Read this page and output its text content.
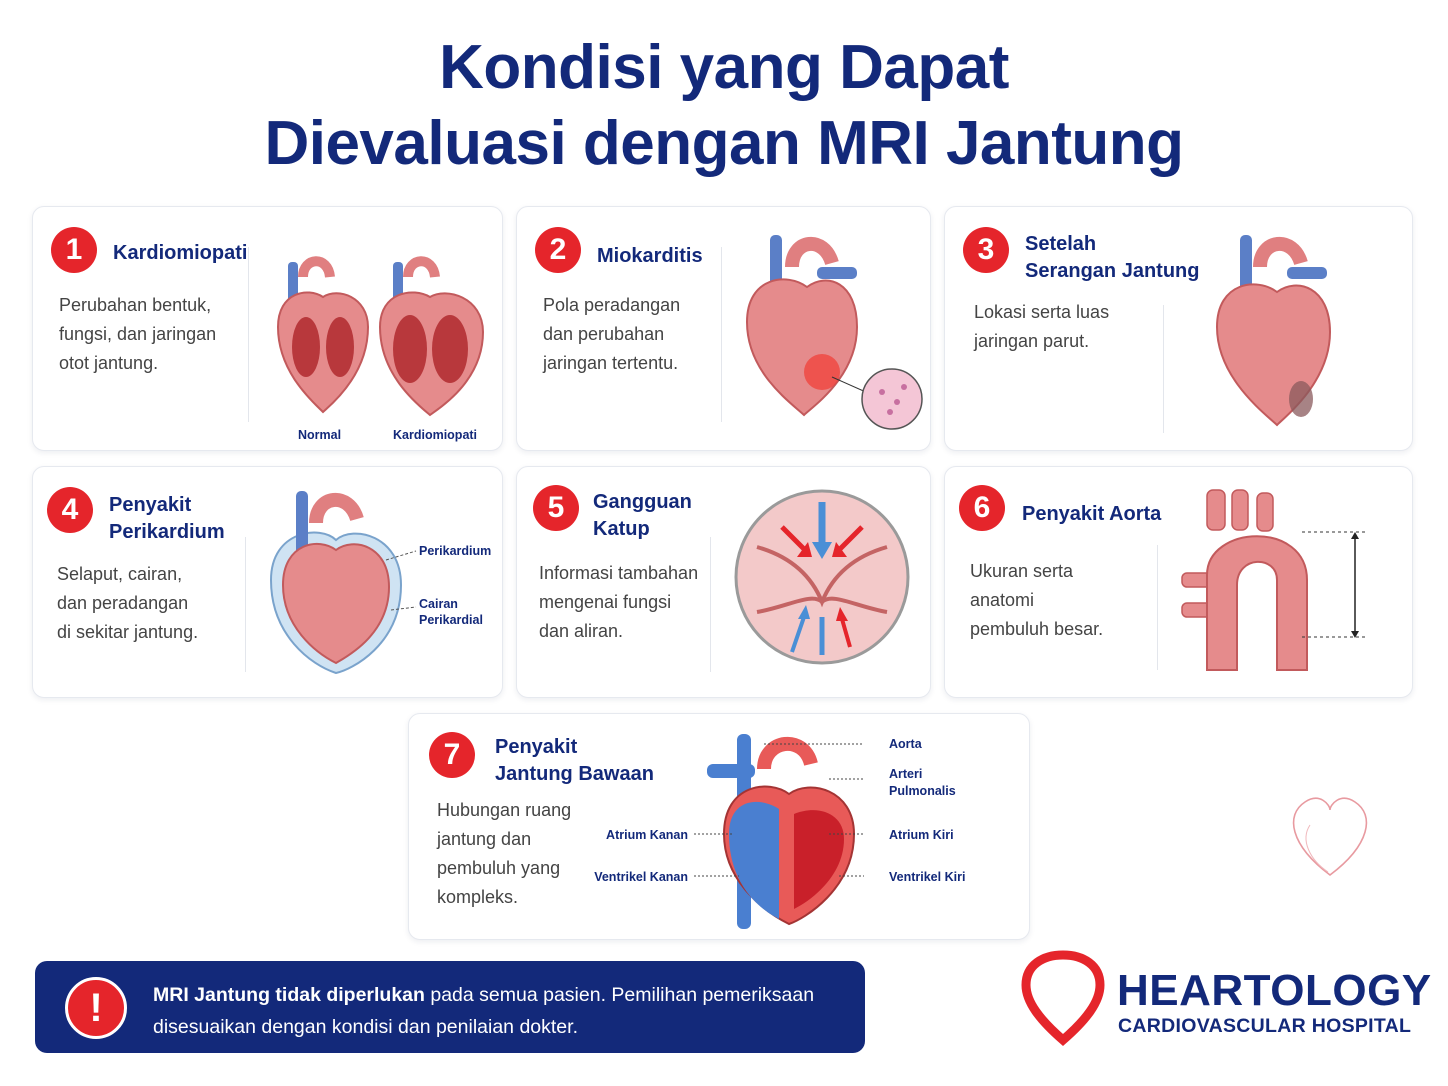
Kondisi yang Dapat
Dievaluasi dengan MRI Jantung
1	Kardiomiopati
Perubahan bentuk,
fungsi, dan jaringan
otot jantung.
Normal	Kardiomiopati
2	Miokarditis
Pola peradangan
dan perubahan
jaringan tertentu.
3	Setelah
Serangan Jantung
Lokasi serta luas
jaringan parut.
4	Penyakit
Perikardium
Selaput, cairan,
dan peradangan
di sekitar jantung.
Perikardium
Cairan
Perikardial
5	Gangguan
Katup
Informasi tambahan
mengenai fungsi
dan aliran.
6	Penyakit Aorta
Ukuran serta
anatomi
pembuluh besar.
7	Penyakit
Jantung Bawaan
Hubungan ruang
jantung dan
pembuluh yang
kompleks.
Aorta
Arteri
Pulmonalis
Atrium Kanan	Atrium Kiri
Ventrikel Kanan	Ventrikel Kiri
!	MRI Jantung tidak diperlukan pada semua pasien. Pemilihan pemeriksaan
disesuaikan dengan kondisi dan penilaian dokter.
HEARTOLOGY
CARDIOVASCULAR HOSPITAL
